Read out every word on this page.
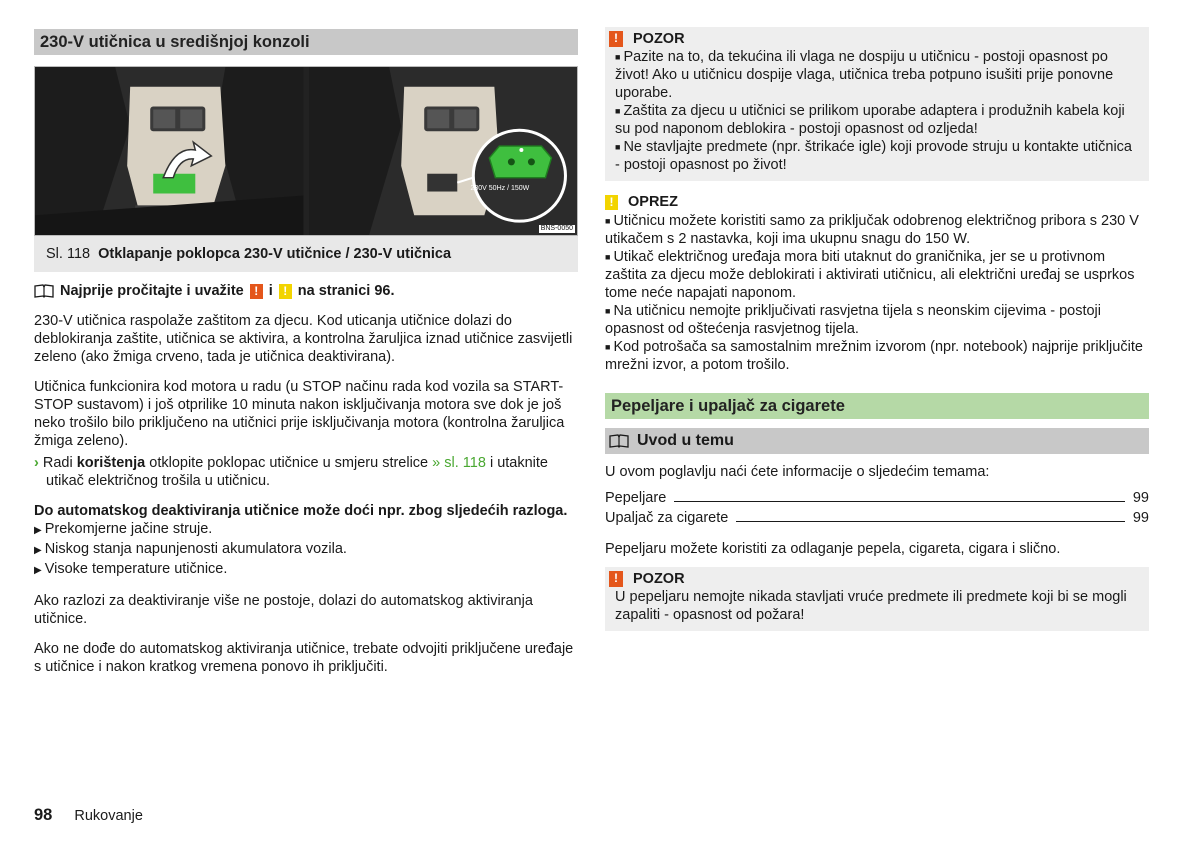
230-V utičnica u središnjoj konzoli
230V 50Hz / 150W
BNS-0050
Sl. 118 Otklapanje poklopca 230-V utičnice / 230-V utičnica
Najprije pročitajte i uvažite ! i ! na stranici 96.

230-V utičnica raspolaže zaštitom za djecu. Kod uticanja utičnice dolazi do deblokiranja zaštite, utičnica se aktivira, a kontrolna žaruljica iznad utičnice zasvijetli zeleno (ako žmiga crveno, tada je utičnica deaktivirana).

Utičnica funkcionira kod motora u radu (u STOP načinu rada kod vozila sa START-STOP sustavom) i još otprilike 10 minuta nakon isključivanja motora sve dok je još neko trošilo bilo priključeno na utičnici prije isključivanja motora (kontrolna žaruljica žmiga zeleno).

› Radi korištenja otklopite poklopac utičnice u smjeru strelice » sl. 118 i utaknite utikač električnog trošila u utičnicu.
Do automatskog deaktiviranja utičnice može doći npr. zbog sljedećih razloga.
▶ Prekomjerne jačine struje.
▶ Niskog stanja napunjenosti akumulatora vozila.
▶ Visoke temperature utičnice.

Ako razlozi za deaktiviranje više ne postoje, dolazi do automatskog aktiviranja utičnice.

Ako ne dođe do automatskog aktiviranja utičnice, trebate odvojiti priključene uređaje s utičnice i nakon kratkog vremena ponovo ih priključiti.

!	POZOR
■ Pazite na to, da tekućina ili vlaga ne dospiju u utičnicu - postoji opasnost po život! Ako u utičnicu dospije vlaga, utičnica treba potpuno isušiti prije ponovne uporabe.
■ Zaštita za djecu u utičnici se prilikom uporabe adaptera i produžnih kabela koji su pod naponom deblokira - postoji opasnost od ozljeda!
■ Ne stavljajte predmete (npr. štrikaće igle) koji provode struju u kontakte utičnica - postoji opasnost po život!
!	OPREZ
■ Utičnicu možete koristiti samo za priključak odobrenog električnog pribora s 230 V utikačem s 2 nastavka, koji ima ukupnu snagu do 150 W.
■ Utikač električnog uređaja mora biti utaknut do graničnika, jer se u protivnom zaštita za djecu može deblokirati i aktivirati utičnicu, ali električni uređaj se usprkos tome neće napajati naponom.
■ Na utičnicu nemojte priključivati rasvjetna tijela s neonskim cijevima - postoji opasnost od oštećenja rasvjetnog tijela.
■ Kod potrošača sa samostalnim mrežnim izvorom (npr. notebook) najprije priključite mrežni izvor, a potom trošilo.
Pepeljare i upaljač za cigarete
Uvod u temu

U ovom poglavlju naći ćete informacije o sljedećim temama:

Pepeljare	99
Upaljač za cigarete	99

Pepeljaru možete koristiti za odlaganje pepela, cigareta, cigara i slično.

!	POZOR
U pepeljaru nemojte nikada stavljati vruće predmete ili predmete koji bi se mogli zapaliti - opasnost od požara!
98 Rukovanje
